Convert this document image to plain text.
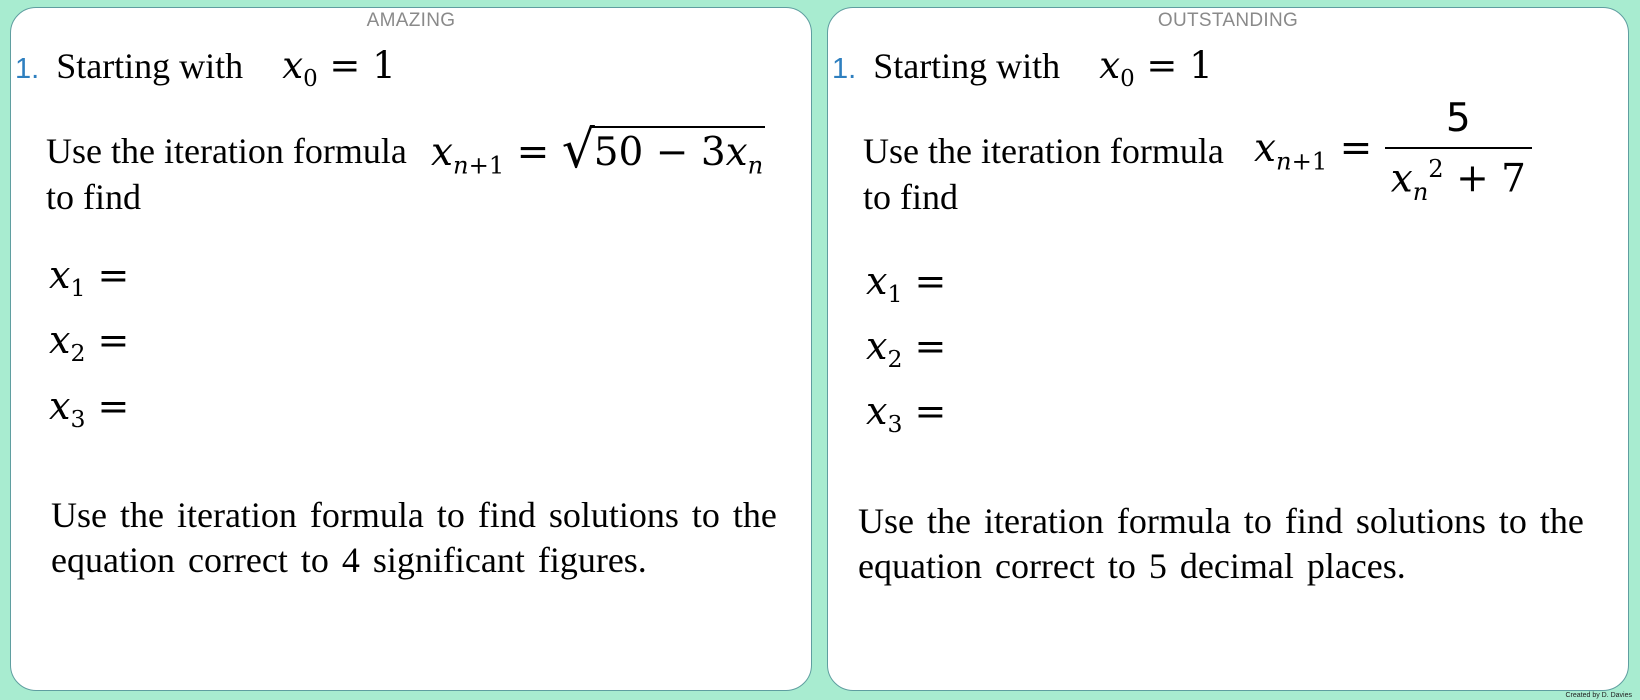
AMAZING
1. Starting with $x_0 = 1$
Use the iteration formula $x_{n+1}$ = √
$50 - 3x_n$
to find
$x_1$ =
$x_2$ =
$x_3$ =
Use the iteration formula to find solutions to the equation correct to 4 significant figures.
OUTSTANDING
1. Starting with $x_0 = 1$
Use the iteration formula $x_{n+1} = \frac{5}{x_n^2 + 7}$
to find
$x_1$ =
$x_2$ =
$x_3$ =
Use the iteration formula to find solutions to the equation correct to 5 decimal places.
Created by D. Davies
